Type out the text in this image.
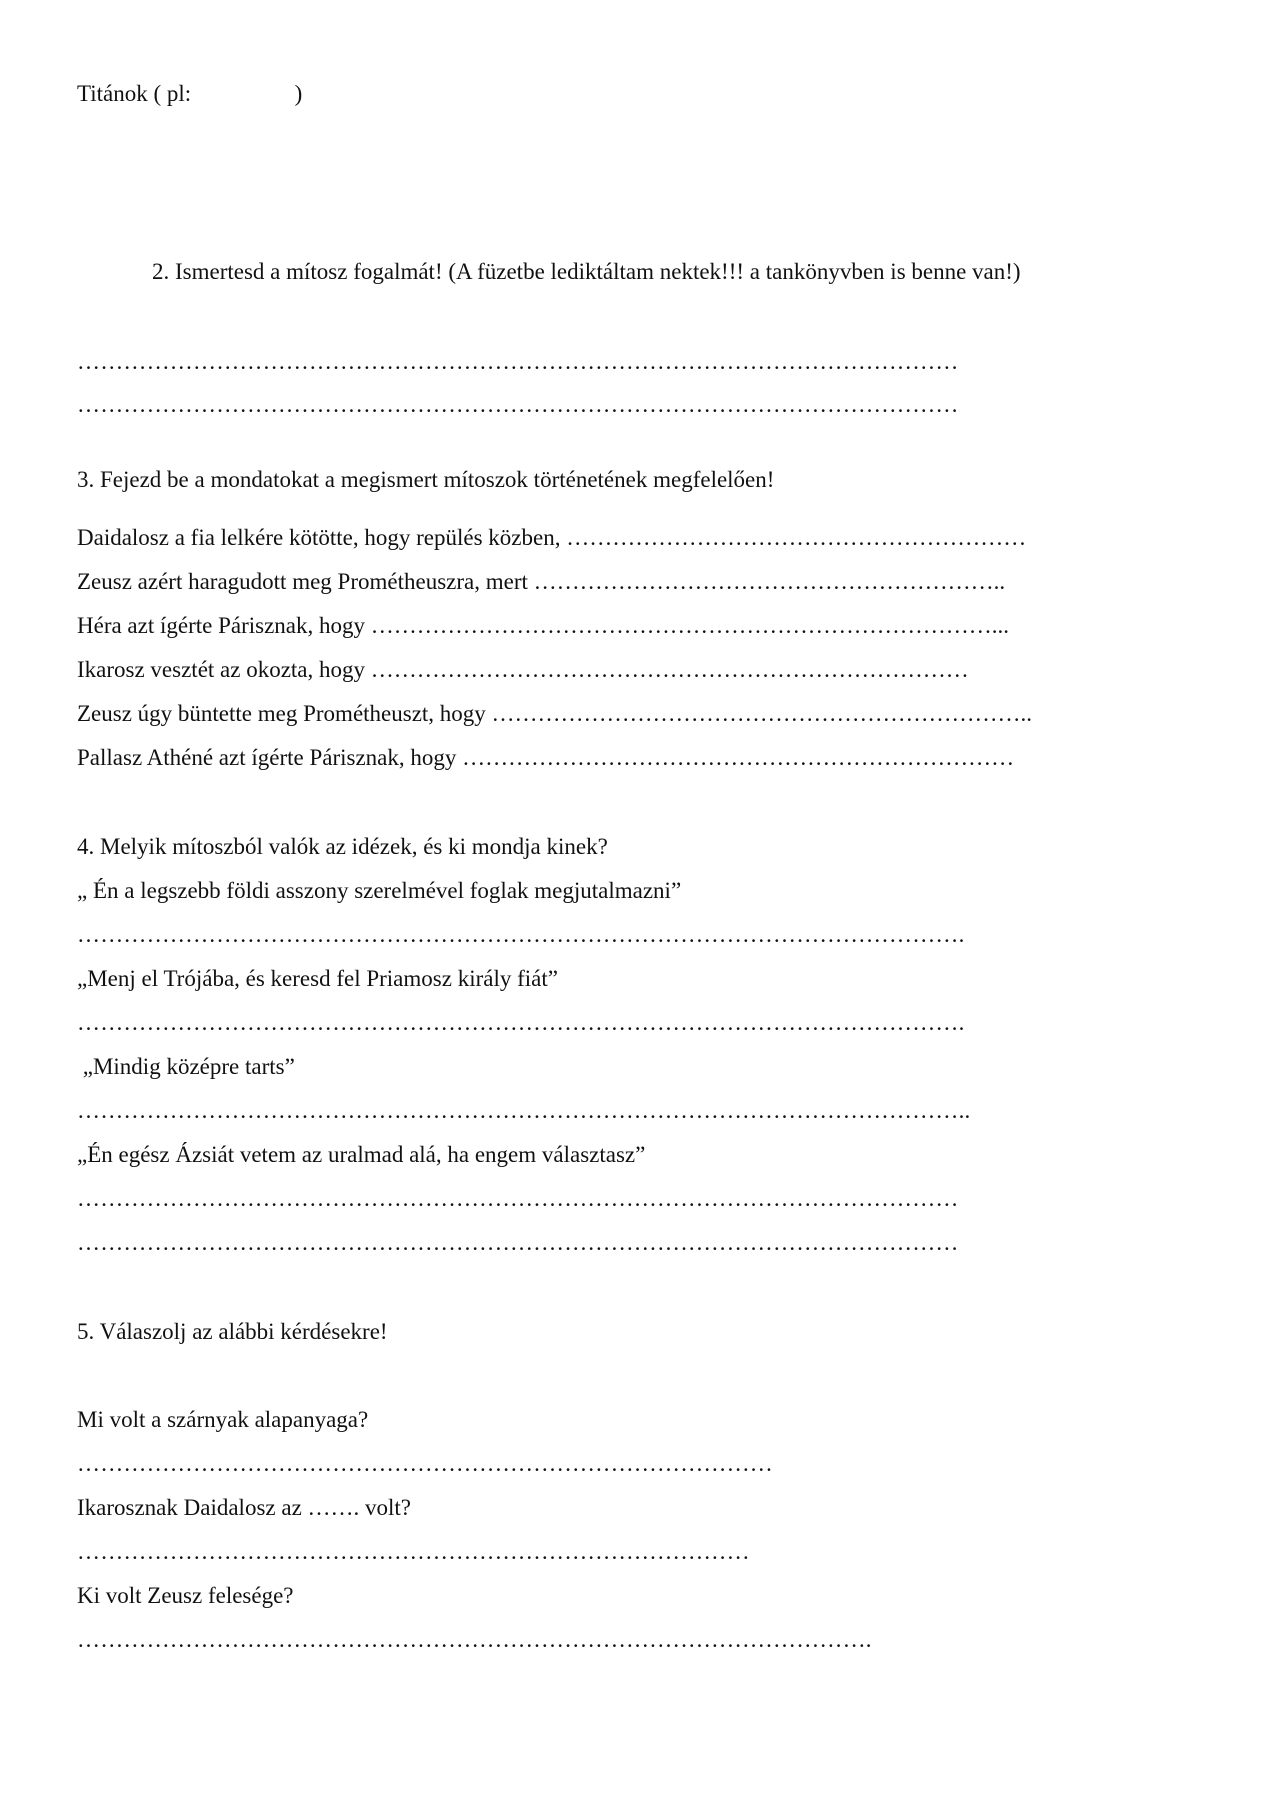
Titánok ( pl:                  )
2. Ismertesd a mítosz fogalmát! (A füzetbe lediktáltam nektek!!! a tankönyvben is benne van!)
……………………………………………………………………………………………………
……………………………………………………………………………………………………
3. Fejezd be a mondatokat a megismert mítoszok történetének megfelelően!
Daidalosz a fia lelkére kötötte, hogy repülés közben, ……………………………………………………
Zeusz azért haragudott meg Prométheuszra, mert ……………………………………………………..
Héra azt ígérte Párisznak, hogy ………………………………………………………………………...
Ikarosz vesztét az okozta, hogy ……………………………………………………………………
Zeusz úgy büntette meg Prométheuszt, hogy ……………………………………………………………..
Pallasz Athéné azt ígérte Párisznak, hogy ………………………………………………………………
4. Melyik mítoszból valók az idézek, és ki mondja kinek?
„ Én a legszebb földi asszony szerelmével foglak megjutalmazni”
…………………………………………………………………………………………………….
„Menj el Trójába, és keresd fel Priamosz király fiát”
…………………………………………………………………………………………………….
„Mindig középre tarts”
……………………………………………………………………………………………………..
„Én egész Ázsiát vetem az uralmad alá, ha engem választasz”
……………………………………………………………………………………………………
……………………………………………………………………………………………………
5. Válaszolj az alábbi kérdésekre!
Mi volt a szárnyak alapanyaga?
………………………………………………………………………………
Ikarosznak Daidalosz az ……. volt?
……………………………………………………………………………
Ki volt Zeusz felesége?
………………………………………………………………………………………….
